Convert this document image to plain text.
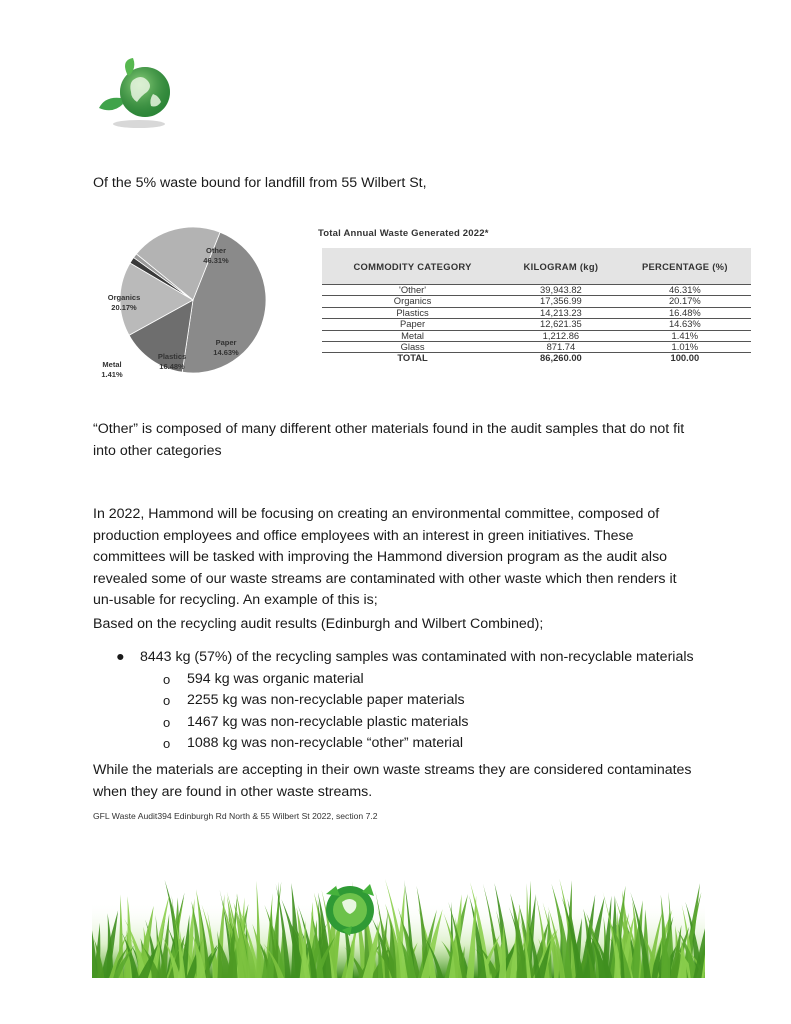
Of the 5% waste bound for landfill from 55 Wilbert St,
Other
46.31%
Paper
14.63%
Plastics
16.48%
Metal
1.41%
Organics
20.17%
Total Annual Waste Generated 2022*
COMMODITY CATEGORY	KILOGRAM (kg)	PERCENTAGE (%)
'Other'	39,943.82	46.31%
Organics	17,356.99	20.17%
Plastics	14,213.23	16.48%
Paper	12,621.35	14.63%
Metal	1,212.86	1.41%
Glass	871.74	1.01%
TOTAL	86,260.00	100.00
“Other” is composed of many different other materials found in the audit samples that do not fit into other categories
In 2022, Hammond will be focusing on creating an environmental committee, composed of production employees and office employees with an interest in green initiatives. These committees will be tasked with improving the Hammond diversion program as the audit also revealed some of our waste streams are contaminated with other waste which then renders it un-usable for recycling. An example of this is;
Based on the recycling audit results (Edinburgh and Wilbert Combined);
● 8443 kg (57%) of the recycling samples was contaminated with non-recyclable materials
o 594 kg was organic material
o 2255 kg was non-recyclable paper materials
o 1467 kg was non-recyclable plastic materials
o 1088 kg was non-recyclable “other” material
While the materials are accepting in their own waste streams they are considered contaminates when they are found in other waste streams.
GFL Waste Audit394 Edinburgh Rd North & 55 Wilbert St 2022, section 7.2
